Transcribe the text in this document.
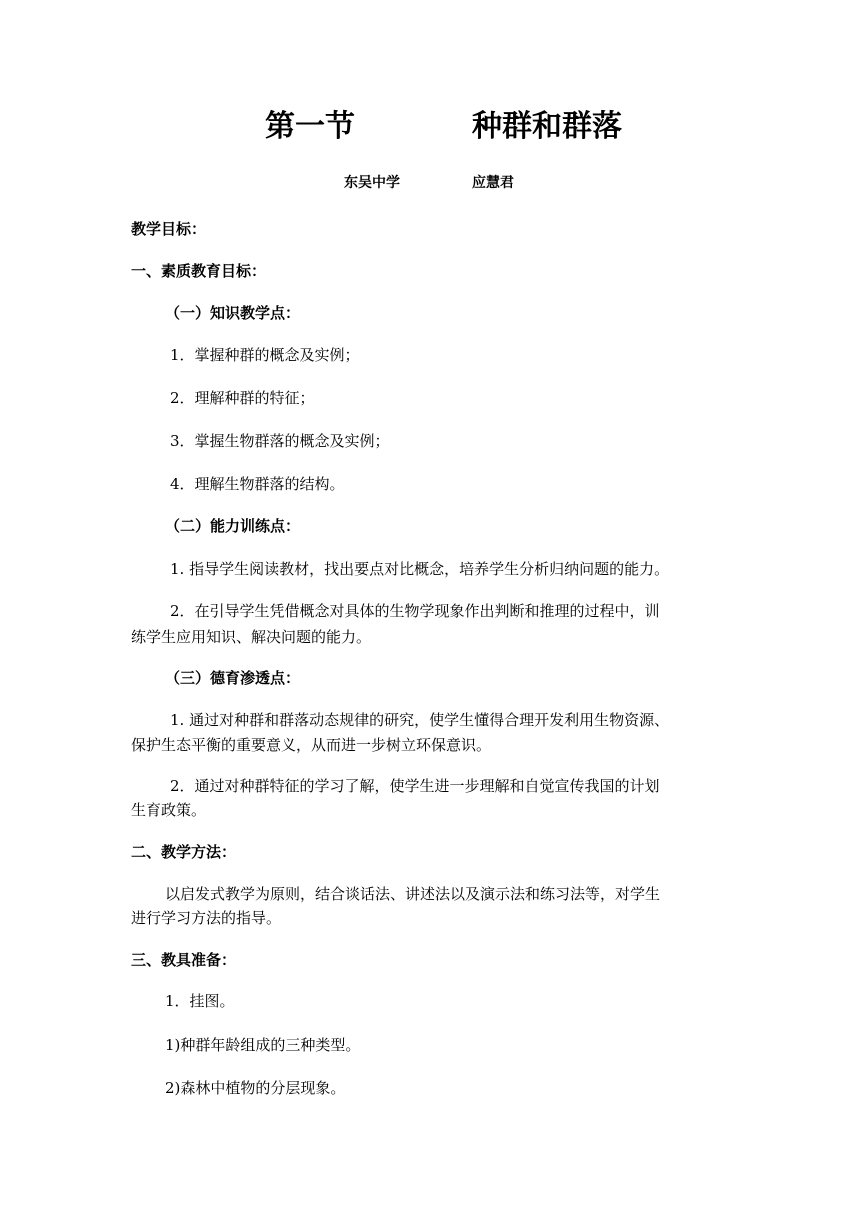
第一节	种群和群落
东吴中学	应慧君
教学目标：
一、素质教育目标：
（一）知识教学点：
1．掌握种群的概念及实例；
2．理解种群的特征；
3．掌握生物群落的概念及实例；
4．理解生物群落的结构。
（二）能力训练点：
1. 指导学生阅读教材，找出要点对比概念，培养学生分析归纳问题的能力。
2．在引导学生凭借概念对具体的生物学现象作出判断和推理的过程中，训
练学生应用知识、解决问题的能力。
（三）德育渗透点：
1. 通过对种群和群落动态规律的研究，使学生懂得合理开发利用生物资源、
保护生态平衡的重要意义，从而进一步树立环保意识。
2．通过对种群特征的学习了解，使学生进一步理解和自觉宣传我国的计划
生育政策。
二、教学方法：
以启发式教学为原则，结合谈话法、讲述法以及演示法和练习法等，对学生
进行学习方法的指导。
三、教具准备：
1．挂图。
1)种群年龄组成的三种类型。
2)森林中植物的分层现象。
